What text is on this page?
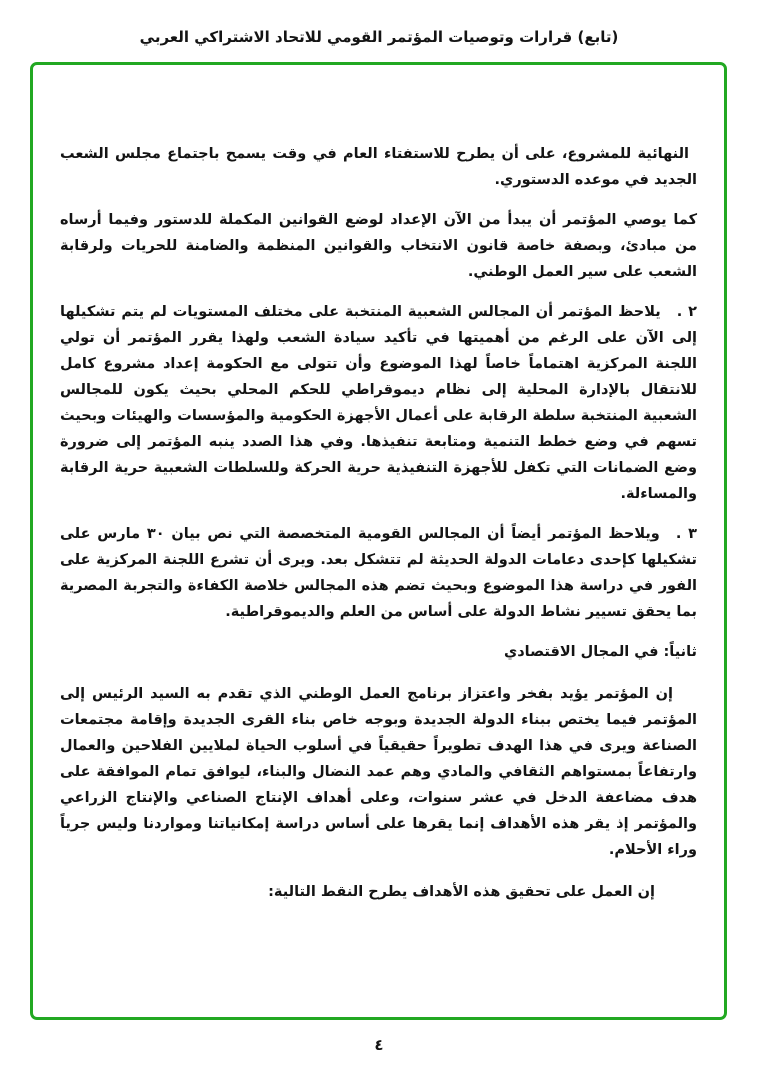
(تابع) قرارات وتوصيات المؤتمر القومي للاتحاد الاشتراكي العربي

النهائية للمشروع، على أن يطرح للاستفتاء العام في وقت يسمح باجتماع مجلس الشعب الجديد في موعده الدستوري.

كما يوصي المؤتمر أن يبدأ من الآن الإعداد لوضع القوانين المكملة للدستور وفيما أرساه من مبادئ، وبصفة خاصة قانون الانتخاب والقوانين المنظمة والضامنة للحريات ولرقابة الشعب على سير العمل الوطني.

٢ .يلاحظ المؤتمر أن المجالس الشعبية المنتخبة على مختلف المستويات لم يتم تشكيلها إلى الآن على الرغم من أهميتها في تأكيد سيادة الشعب ولهذا يقرر المؤتمر أن تولي اللجنة المركزية اهتماماً خاصاً لهذا الموضوع وأن تتولى مع الحكومة إعداد مشروع كامل للانتقال بالإدارة المحلية إلى نظام ديموقراطي للحكم المحلي بحيث يكون للمجالس الشعبية المنتخبة سلطة الرقابة على أعمال الأجهزة الحكومية والمؤسسات والهيئات وبحيث تسهم في وضع خطط التنمية ومتابعة تنفيذها. وفي هذا الصدد ينبه المؤتمر إلى ضرورة وضع الضمانات التي تكفل للأجهزة التنفيذية حرية الحركة وللسلطات الشعبية حرية الرقابة والمساءلة.

٣ .ويلاحظ المؤتمر أيضاً أن المجالس القومية المتخصصة التي نص بيان ٣٠ مارس على تشكيلها كإحدى دعامات الدولة الحديثة لم تتشكل بعد. ويرى أن تشرع اللجنة المركزية على الفور في دراسة هذا الموضوع وبحيث تضم هذه المجالس خلاصة الكفاءة والتجربة المصرية بما يحقق تسيير نشاط الدولة على أساس من العلم والديموقراطية.

ثانياً: في المجال الاقتصادي

إن المؤتمر يؤيد بفخر واعتزاز برنامج العمل الوطني الذي تقدم به السيد الرئيس إلى المؤتمر فيما يختص ببناء الدولة الجديدة وبوجه خاص بناء القرى الجديدة وإقامة مجتمعات الصناعة ويرى في هذا الهدف تطويراً حقيقياً في أسلوب الحياة لملايين الفلاحين والعمال وارتفاعاً بمستواهم الثقافي والمادي وهم عمد النضال والبناء، ليوافق تمام الموافقة على هدف مضاعفة الدخل في عشر سنوات، وعلى أهداف الإنتاج الصناعي والإنتاج الزراعي والمؤتمر إذ يقر هذه الأهداف إنما يقرها على أساس دراسة إمكانياتنا ومواردنا وليس جرياً وراء الأحلام.

إن العمل على تحقيق هذه الأهداف يطرح النقط التالية:

٤
